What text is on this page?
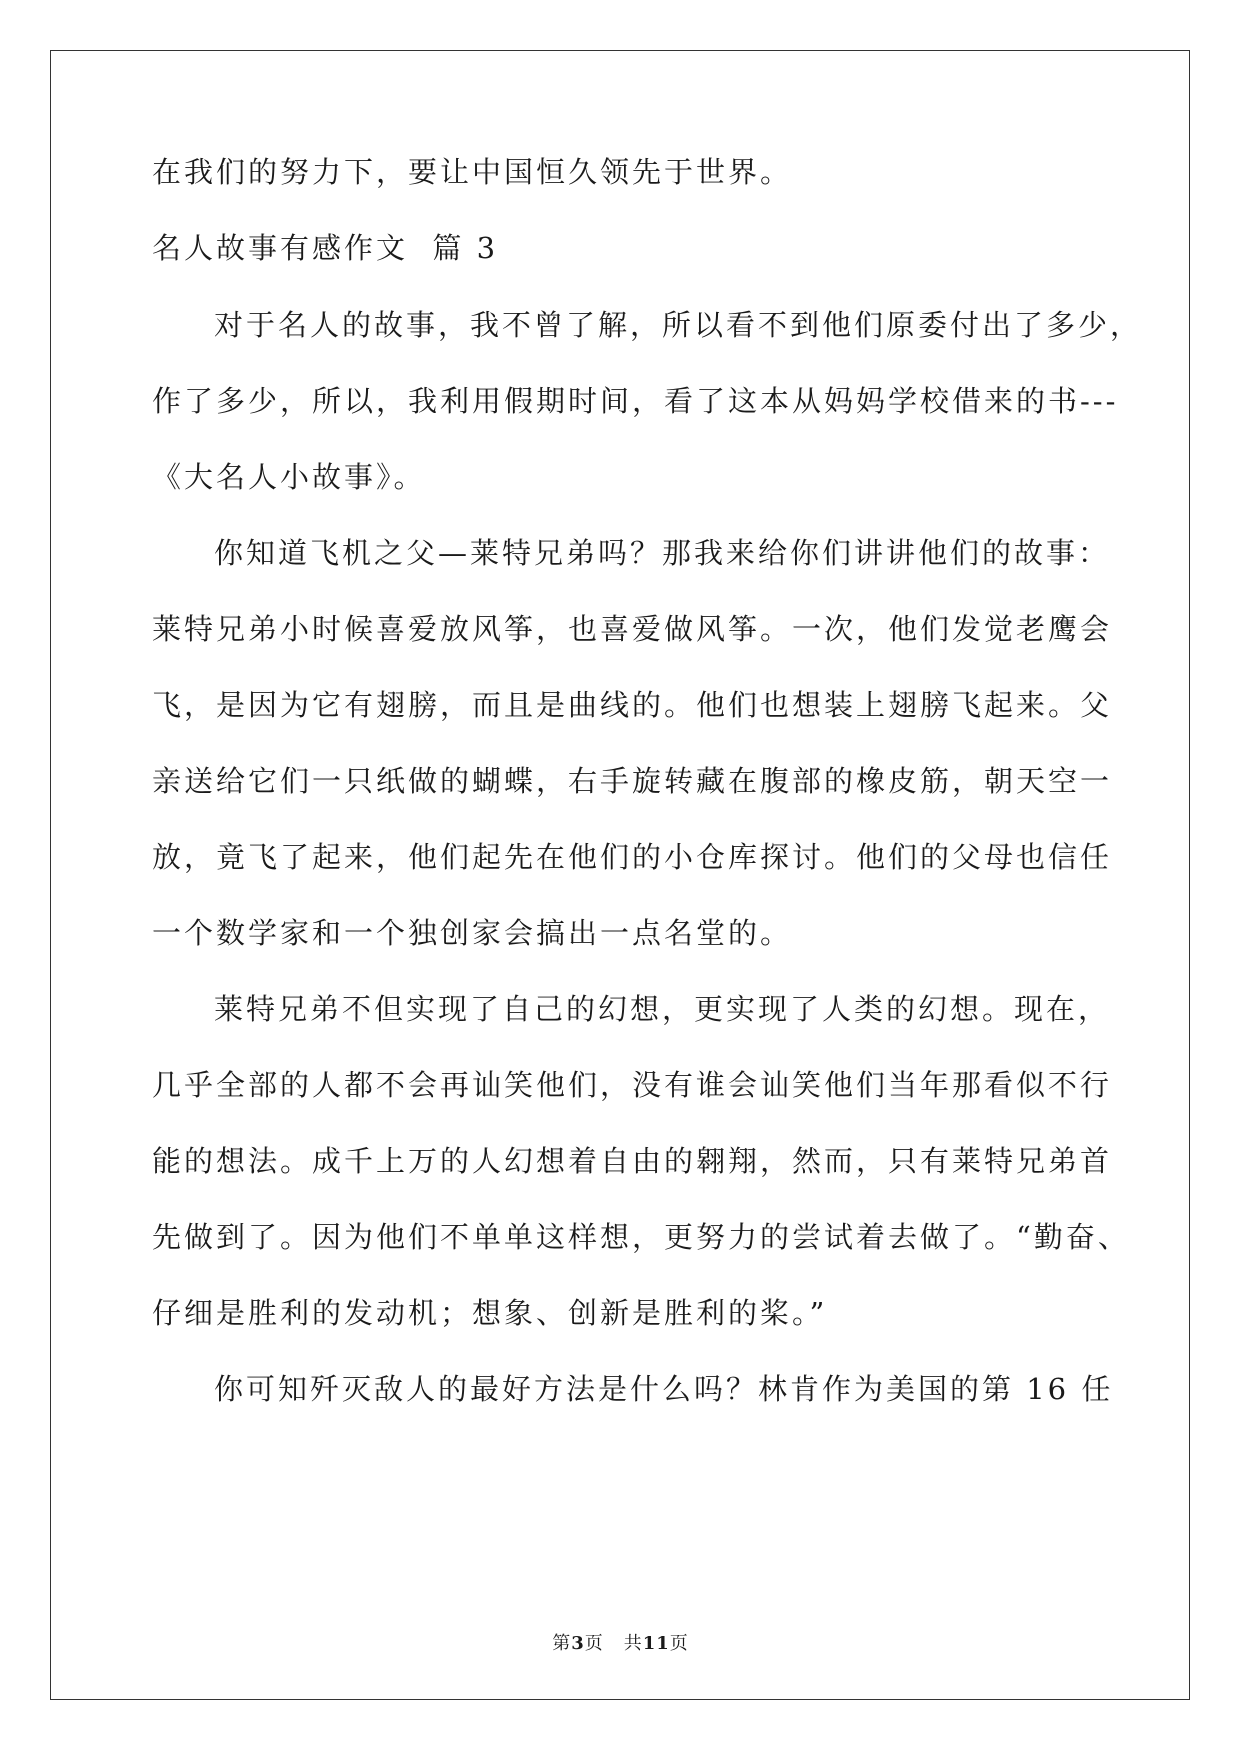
在我们的努力下，要让中国恒久领先于世界。
名人故事有感作文  篇 3
对于名人的故事，我不曾了解，所以看不到他们原委付出了多少，
作了多少，所以，我利用假期时间，看了这本从妈妈学校借来的书---
《大名人小故事》。
你知道飞机之父—莱特兄弟吗？那我来给你们讲讲他们的故事：
莱特兄弟小时候喜爱放风筝，也喜爱做风筝。一次，他们发觉老鹰会
飞，是因为它有翅膀，而且是曲线的。他们也想装上翅膀飞起来。父
亲送给它们一只纸做的蝴蝶，右手旋转藏在腹部的橡皮筋，朝天空一
放，竟飞了起来，他们起先在他们的小仓库探讨。他们的父母也信任
一个数学家和一个独创家会搞出一点名堂的。
莱特兄弟不但实现了自己的幻想，更实现了人类的幻想。现在，
几乎全部的人都不会再讪笑他们，没有谁会讪笑他们当年那看似不行
能的想法。成千上万的人幻想着自由的翱翔，然而，只有莱特兄弟首
先做到了。因为他们不单单这样想，更努力的尝试着去做了。“勤奋、
仔细是胜利的发动机；想象、创新是胜利的桨。”
你可知歼灭敌人的最好方法是什么吗？林肯作为美国的第 16 任
第3页 共11页
